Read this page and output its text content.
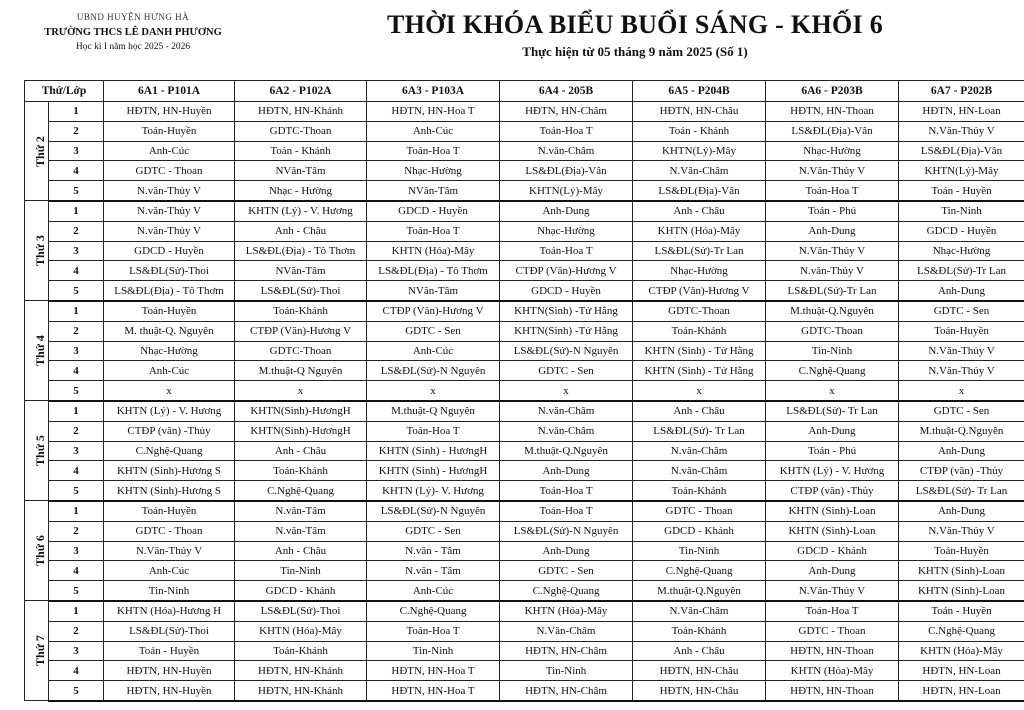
UBND HUYỆN HƯNG HÀ
TRƯỜNG THCS LÊ DANH PHƯƠNG
Học kì I năm học 2025 - 2026
THỜI KHÓA BIỂU BUỔI SÁNG - KHỐI 6
Thực hiện từ 05 tháng 9 năm 2025 (Số 1)
Thứ/Lớp		6A1 - P101A	6A2 - P102A	6A3 - P103A	6A4 - 205B	6A5 - P204B	6A6 - P203B	6A7 - P202B
Thứ 2	1	HĐTN, HN-Huyền	HĐTN, HN-Khánh	HĐTN, HN-Hoa T	HĐTN, HN-Châm	HĐTN, HN-Châu	HĐTN, HN-Thoan	HĐTN, HN-Loan
	2	Toán-Huyền	GDTC-Thoan	Anh-Cúc	Toán-Hoa T	Toán - Khánh	LS&ĐL(Địa)-Vân	N.Văn-Thủy V
	3	Anh-Cúc	Toán - Khánh	Toán-Hoa T	N.văn-Châm	KHTN(Lý)-Mây	Nhạc-Hường	LS&ĐL(Địa)-Vân
	4	GDTC - Thoan	NVăn-Tâm	Nhạc-Hường	LS&ĐL(Địa)-Vân	N.Văn-Châm	N.Văn-Thủy V	KHTN(Lý)-Mây
	5	N.văn-Thủy V	Nhạc - Hường	NVăn-Tâm	KHTN(Lý)-Mây	LS&ĐL(Địa)-Vân	Toán-Hoa T	Toán - Huyền
Thứ 3	1	N.văn-Thủy V	KHTN (Lý) - V. Hương	GDCD - Huyền	Anh-Dung	Anh - Châu	Toán - Phú	Tin-Ninh
	2	N.văn-Thủy V	Anh - Châu	Toán-Hoa T	Nhạc-Hường	KHTN (Hóa)-Mây	Anh-Dung	GDCD - Huyền
	3	GDCD - Huyền	LS&ĐL(Địa) - Tô Thơm	KHTN (Hóa)-Mây	Toán-Hoa T	LS&ĐL(Sử)-Tr Lan	N.Văn-Thủy V	Nhạc-Hường
	4	LS&ĐL(Sử)-Thoi	NVăn-Tâm	LS&ĐL(Địa) - Tô Thơm	CTĐP (Văn)-Hương V	Nhạc-Hường	N.văn-Thủy V	LS&ĐL(Sử)-Tr Lan
	5	LS&ĐL(Địa) - Tô Thơm	LS&ĐL(Sử)-Thoi	NVăn-Tâm	GDCD - Huyền	CTĐP (Văn)-Hương V	LS&ĐL(Sử)-Tr Lan	Anh-Dung
Thứ 4	1	Toán-Huyền	Toán-Khánh	CTĐP (Văn)-Hương V	KHTN(Sinh) -Tử Hằng	GDTC-Thoan	M.thuật-Q.Nguyên	GDTC - Sen
	2	M. thuật-Q. Nguyên	CTĐP (Văn)-Hương V	GDTC - Sen	KHTN(Sinh) -Tử Hằng	Toán-Khánh	GDTC-Thoan	Toán-Huyền
	3	Nhạc-Hường	GDTC-Thoan	Anh-Cúc	LS&ĐL(Sử)-N Nguyên	KHTN (Sinh) - Tử Hằng	Tin-Ninh	N.Văn-Thủy V
	4	Anh-Cúc	M.thuật-Q Nguyên	LS&ĐL(Sử)-N Nguyên	GDTC - Sen	KHTN (Sinh) - Tử Hằng	C.Nghệ-Quang	N.Văn-Thủy V
	5	x	x	x	x	x	x	x
Thứ 5	1	KHTN (Lý) - V. Hương	KHTN(Sinh)-HươngH	M.thuật-Q Nguyên	N.văn-Châm	Anh - Châu	LS&ĐL(Sử)- Tr Lan	GDTC - Sen
	2	CTĐP (văn) -Thủy	KHTN(Sinh)-HươngH	Toán-Hoa T	N.văn-Châm	LS&ĐL(Sử)- Tr Lan	Anh-Dung	M.thuật-Q.Nguyên
	3	C.Nghệ-Quang	Anh - Châu	KHTN (Sinh) - HươngH	M.thuật-Q.Nguyên	N.văn-Châm	Toán - Phú	Anh-Dung
	4	KHTN (Sinh)-Hương S	Toán-Khánh	KHTN (Sinh) - HươngH	Anh-Dung	N.văn-Châm	KHTN (Lý) - V. Hương	CTĐP (văn) -Thủy
	5	KHTN (Sinh)-Hương S	C.Nghệ-Quang	KHTN (Lý)- V. Hương	Toán-Hoa T	Toán-Khánh	CTĐP (văn) -Thủy	LS&ĐL(Sử)- Tr Lan
Thứ 6	1	Toán-Huyền	N.văn-Tâm	LS&ĐL(Sử)-N Nguyên	Toán-Hoa T	GDTC - Thoan	KHTN (Sinh)-Loan	Anh-Dung
	2	GDTC - Thoan	N.văn-Tâm	GDTC - Sen	LS&ĐL(Sử)-N Nguyên	GDCD - Khánh	KHTN (Sinh)-Loan	N.Văn-Thủy V
	3	N.Văn-Thủy V	Anh - Châu	N.văn - Tâm	Anh-Dung	Tin-Ninh	GDCD - Khánh	Toán-Huyền
	4	Anh-Cúc	Tin-Ninh	N.văn - Tâm	GDTC - Sen	C.Nghệ-Quang	Anh-Dung	KHTN (Sinh)-Loan
	5	Tin-Ninh	GDCD - Khánh	Anh-Cúc	C.Nghệ-Quang	M.thuật-Q.Nguyên	N.Văn-Thủy V	KHTN (Sinh)-Loan
Thứ 7	1	KHTN (Hóa)-Hương H	LS&ĐL(Sử)-Thoi	C.Nghệ-Quang	KHTN (Hóa)-Mây	N.Văn-Châm	Toán-Hoa T	Toán - Huyền
	2	LS&ĐL(Sử)-Thoi	KHTN (Hóa)-Mây	Toán-Hoa T	N.Văn-Châm	Toán-Khánh	GDTC - Thoan	C.Nghệ-Quang
	3	Toán - Huyền	Toán-Khánh	Tin-Ninh	HĐTN, HN-Châm	Anh - Châu	HĐTN, HN-Thoan	KHTN (Hóa)-Mây
	4	HĐTN, HN-Huyền	HĐTN, HN-Khánh	HĐTN, HN-Hoa T	Tin-Ninh	HĐTN, HN-Châu	KHTN (Hóa)-Mây	HĐTN, HN-Loan
	5	HĐTN, HN-Huyền	HĐTN, HN-Khánh	HĐTN, HN-Hoa T	HĐTN, HN-Châm	HĐTN, HN-Châu	HĐTN, HN-Thoan	HĐTN, HN-Loan
